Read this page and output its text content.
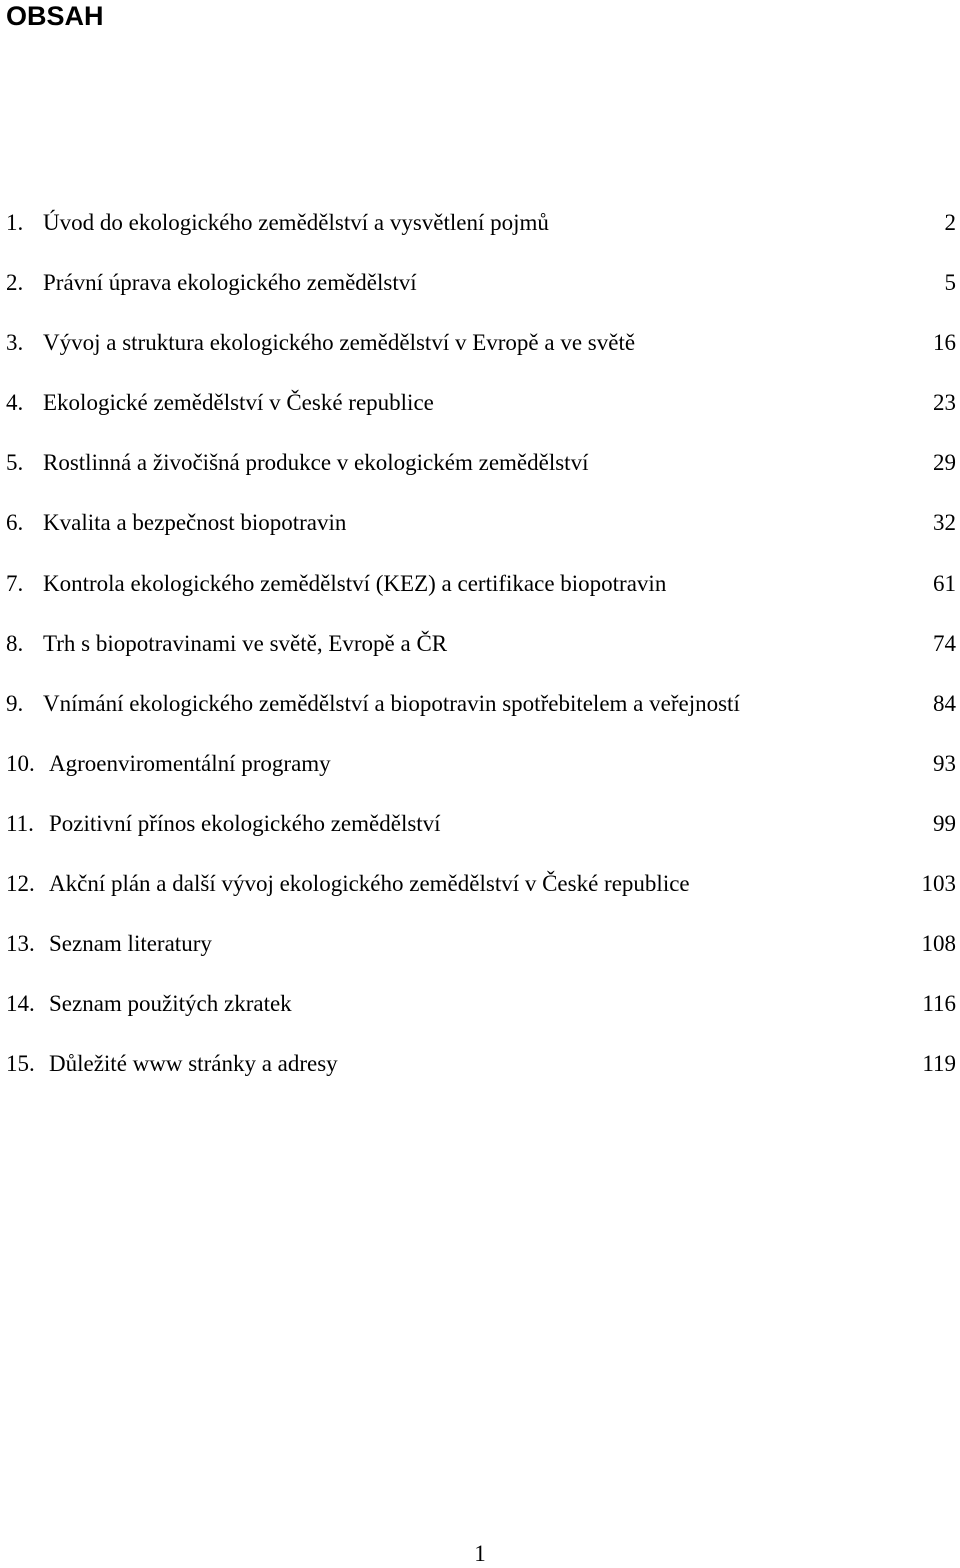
OBSAH
1. Úvod do ekologického zemědělství a vysvětlení pojmů	2
2. Právní úprava ekologického zemědělství	5
3. Vývoj a struktura ekologického zemědělství v Evropě a ve světě	16
4. Ekologické zemědělství v České republice	23
5. Rostlinná a živočišná produkce v ekologickém zemědělství	29
6. Kvalita a bezpečnost biopotravin	32
7. Kontrola ekologického zemědělství (KEZ) a certifikace biopotravin	61
8. Trh s biopotravinami ve světě, Evropě a ČR	74
9. Vnímání ekologického zemědělství a biopotravin spotřebitelem a veřejností	84
10. Agroenviromentální programy	93
11. Pozitivní přínos ekologického zemědělství	99
12. Akční plán a další vývoj ekologického zemědělství v České republice	103
13. Seznam literatury	108
14. Seznam použitých zkratek	116
15. Důležité www stránky a adresy	119
1
